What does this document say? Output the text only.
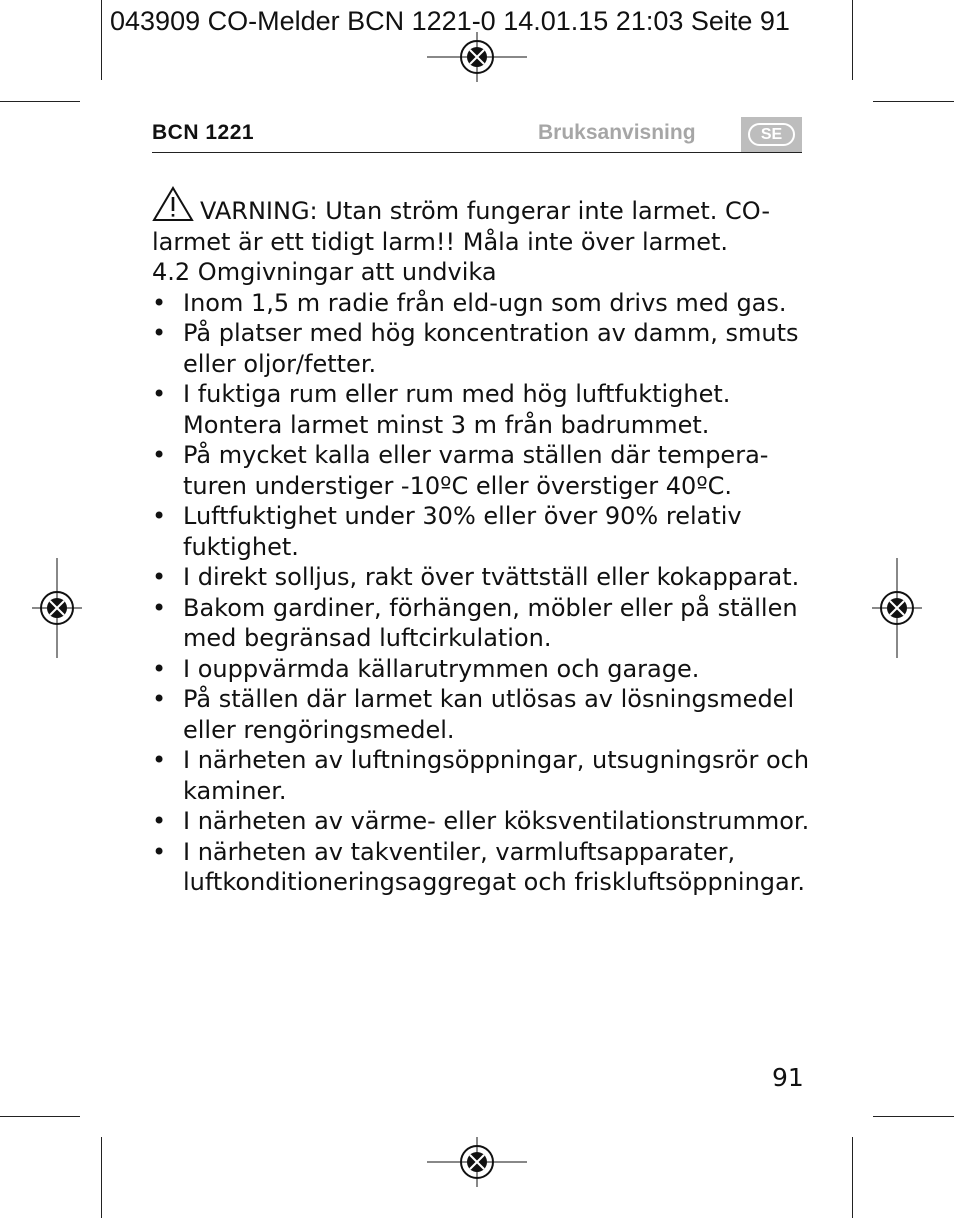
043909 CO-Melder BCN 1221-0 14.01.15 21:03 Seite 91
BCN 1221	Bruksanvisning	SE

VARNING: Utan ström fungerar inte larmet. CO-larmet är ett tidigt larm!! Måla inte över larmet.

4.2 Omgivningar att undvika

• Inom 1,5 m radie från eld-ugn som drivs med gas.
• På platser med hög koncentration av damm, smuts eller oljor/fetter.
• I fuktiga rum eller rum med hög luftfuktighet. Montera larmet minst 3 m från badrummet.
• På mycket kalla eller varma ställen där temperaturen understiger -10ºC eller överstiger 40ºC.
• Luftfuktighet under 30% eller över 90% relativ fuktighet.
• I direkt solljus, rakt över tvättställ eller kokapparat.
• Bakom gardiner, förhängen, möbler eller på ställen med begränsad luftcirkulation.
• I ouppvärmda källarutrymmen och garage.
• På ställen där larmet kan utlösas av lösningsmedel eller rengöringsmedel.
• I närheten av luftningsöppningar, utsugningsrör och kaminer.
• I närheten av värme- eller köksventilationstrummor.
• I närheten av takventiler, varmluftsapparater, luftkonditioneringsaggregat och friskluftsöppningar.
91
